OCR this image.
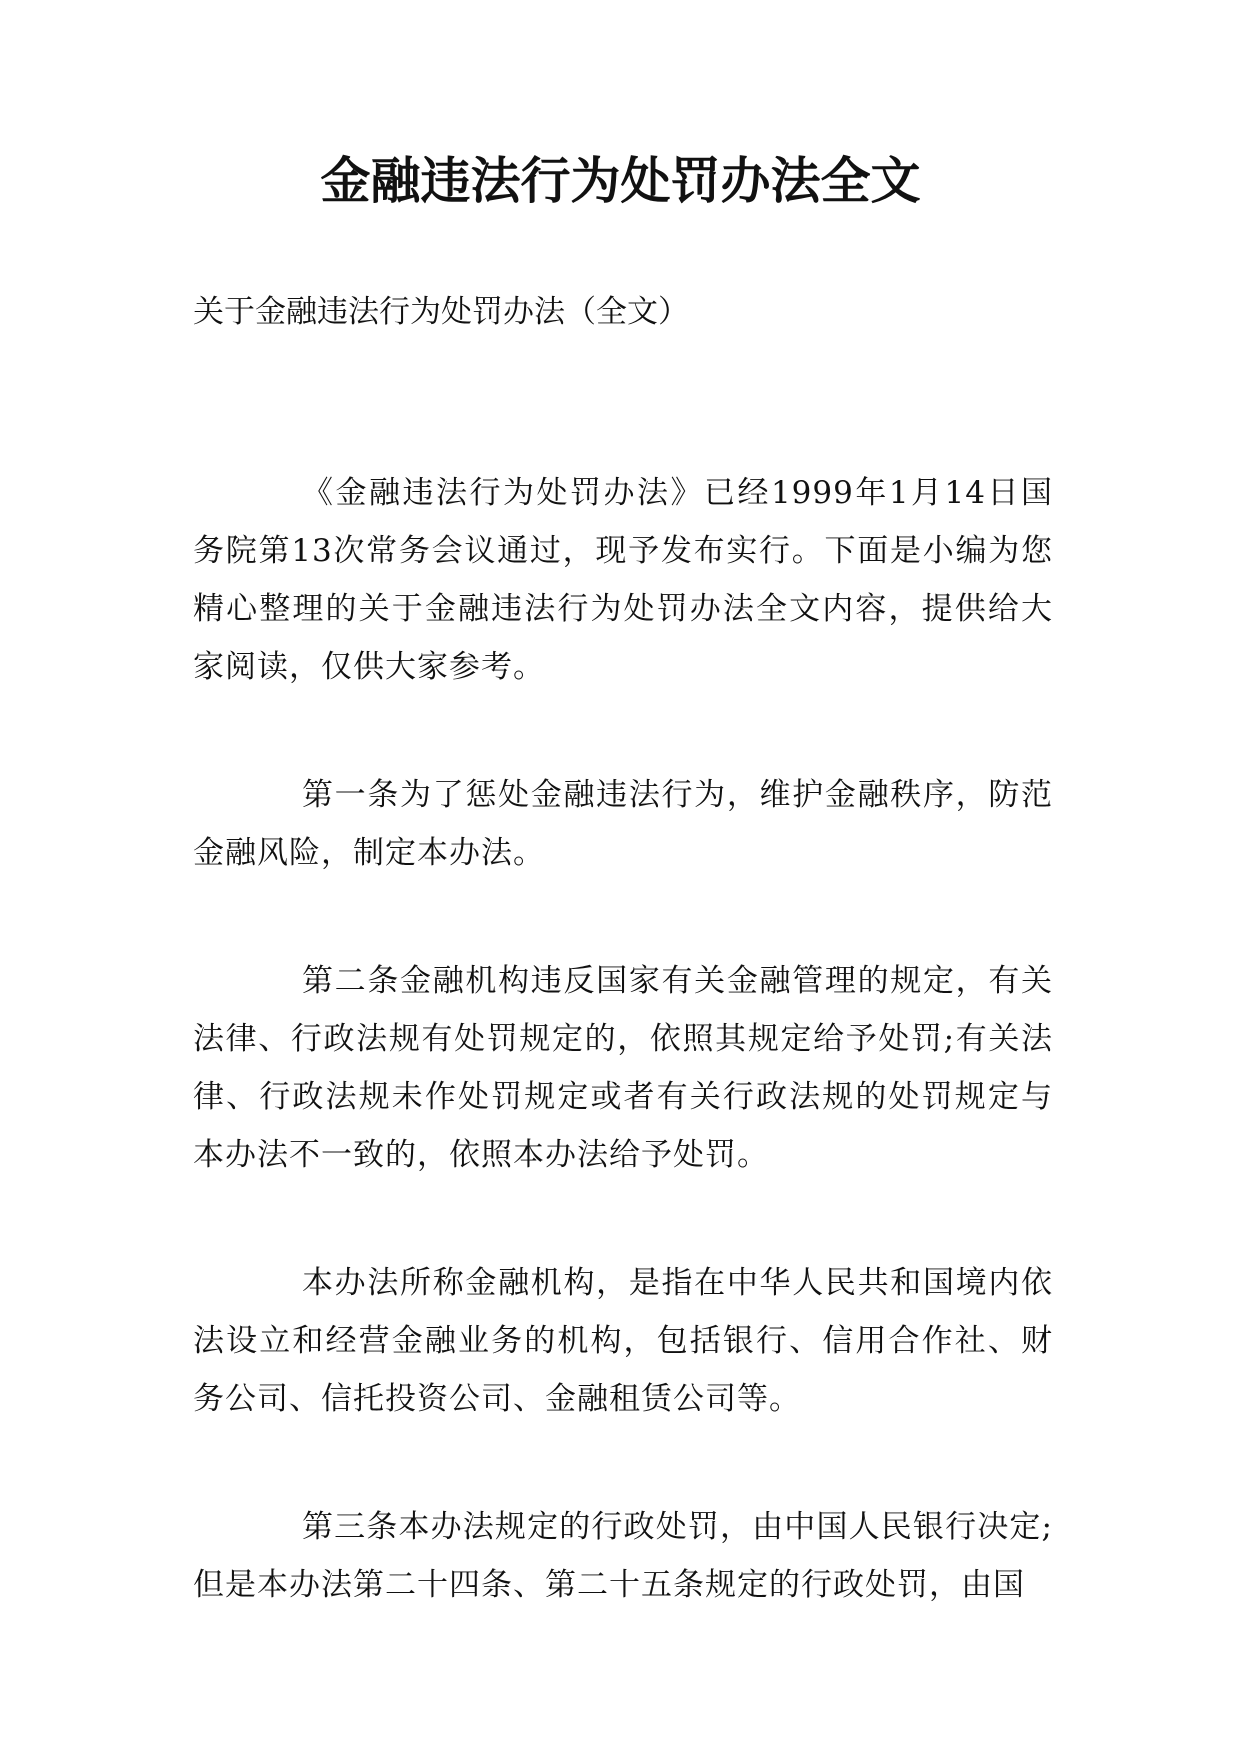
金融违法行为处罚办法全文

关于金融违法行为处罚办法（全文）

《金融违法行为处罚办法》已经1999年1月14日国务院第13次常务会议通过，现予发布实行。下面是小编为您精心整理的关于金融违法行为处罚办法全文内容，提供给大家阅读，仅供大家参考。

第一条为了惩处金融违法行为，维护金融秩序，防范金融风险，制定本办法。

第二条金融机构违反国家有关金融管理的规定，有关法律、行政法规有处罚规定的，依照其规定给予处罚;有关法律、行政法规未作处罚规定或者有关行政法规的处罚规定与本办法不一致的，依照本办法给予处罚。

本办法所称金融机构，是指在中华人民共和国境内依法设立和经营金融业务的机构，包括银行、信用合作社、财务公司、信托投资公司、金融租赁公司等。

第三条本办法规定的行政处罚，由中国人民银行决定;但是本办法第二十四条、第二十五条规定的行政处罚，由国
